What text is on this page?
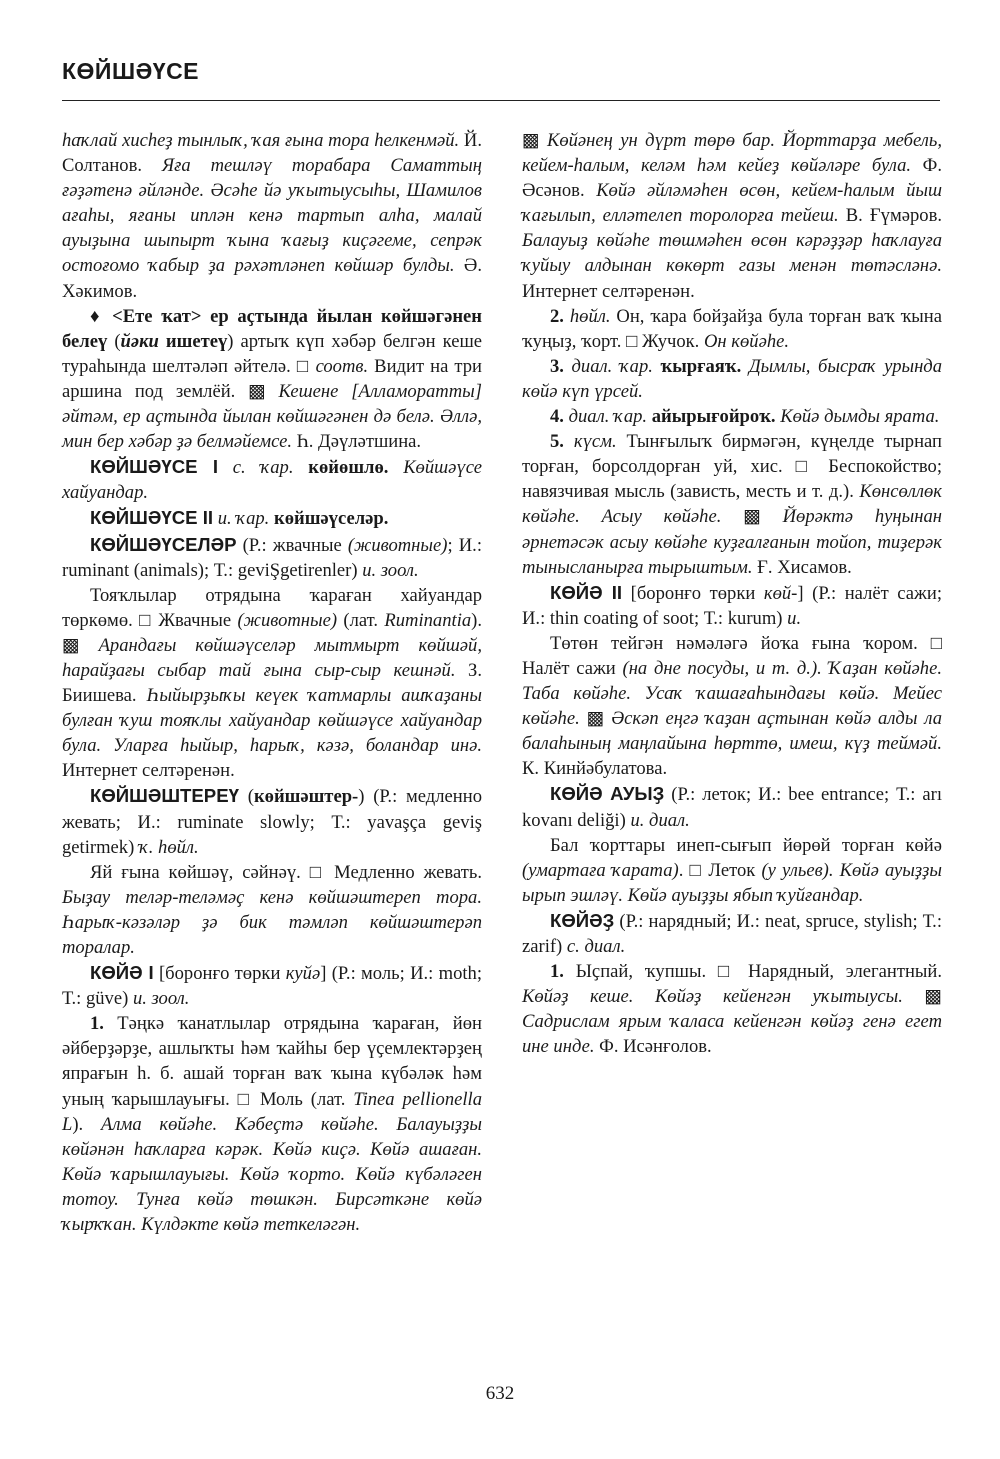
КӨЙШӘҮСЕ

һаҡлай хисһеҙ тынлыҡ, ҡая ғына тора һелкенмәй. Й. Солтанов. Яға тешләү торабара Саматтың ғәҙәтенә әйләнде. Әсәһе йә уҡытыусыһы, Шамилов ағаһы, яғаны иплән кенә тартып алһа, малай ауыҙына шыпырт ҡына ҡағыҙ киҫәгеме, сепрәк остоғомо ҡабыр ҙа рәхәтләнеп көйшәр булды. Ә. Хәкимов.

♦ <Ете ҡат> ер аҫтында йылан көйшәгәнен белеү (йәки ишетеү) артыҡ күп хәбәр белгән кеше тураһында шелтәләп әйтелә. □ соотв. Видит на три аршина под землёй. ▩ Кешене [Алламоратты] әйтәм, ер аҫтында йылан көйшәгәнен дә белә. Әллә, мин бер хәбәр ҙә белмәйемсе. Һ. Дәүләтшина.

КӨЙШӘҮСЕ I с. ҡар. көйөшлө. Көйшәүсе хайуандар.

КӨЙШӘҮСЕ II и. ҡар. көйшәүселәр.

КӨЙШӘҮСЕЛӘР (Р.: жвачные (животные); И.: ruminant (animals); Т.: geviŞgetirenler) и. зоол.

Тояҡлылар отрядына ҡараған хайуандар төркөмө. □ Жвачные (животные) (лат. Ruminantia). ▩ Арандағы көйшәүселәр мытмырт көйшәй, һарайҙағы сыбар тай ғына сыр-сыр кешнәй. З. Биишева. Һыйырҙыҡы кеүек ҡатмарлы ашҡаҙаны булған ҡуш тояҡлы хайуандар көйшәүсе хайуандар була. Уларға һыйыр, һарыҡ, кәзә, боландар инә. Интернет селтәренән.

КӨЙШӘШТЕРЕҮ (көйшәштер-) (Р.: медленно жевать; И.: ruminate slowly; Т.: yavaşça geviş getirmek) ҡ. һөйл.

Яй ғына көйшәү, сәйнәү. □ Медленно жевать. Быҙау теләр-теләмәҫ кенә көйшәштереп тора. Һарыҡ-кәзәләр ҙә бик тәмләп көйшәштерәп торалар.

КӨЙӘ I [боронғо төрки куйә] (Р.: моль; И.: moth; Т.: güve) и. зоол.

1. Тәңкә ҡанатлылар отрядына ҡараған, йөн әйберҙәрҙе, ашлыҡты һәм ҡайһы бер үҫемлектәрҙең япрағын һ. б. ашай торған ваҡ ҡына күбәләк һәм уның ҡарышлауығы. □ Моль (лат. Tinea pellionella L). Алма көйәһе. Кәбеҫтә көйәһе. Балауыҙҙы көйәнән һаҡларға кәрәк. Көйә киҫә. Көйә ашаған. Көйә ҡарышлауығы. Көйә ҡорто. Көйә күбәләген тотоу. Тунға көйә төшкән. Бирсәткәне көйә ҡырҡҡан. Күлдәкте көйә теткеләгән.

▩ Көйәнең ун дүрт төрө бар. Йорттарҙа мебель, кейем-һалым, келәм һәм кейеҙ көйәләре була. Ф. Әсәнов. Көйә әйләмәһен өсөн, кейем-һалым йыш ҡағылып, елләтелеп торолорға тейеш. В. Ғүмәров. Балауыҙ көйәһе төшмәһен өсөн кәрәҙҙәр һаҡлауға ҡуйыу алдынан көкөрт газы менән төтәсләнә. Интернет селтәренән.

2. һөйл. Он, ҡара бойҙайҙа була торған ваҡ ҡына ҡуңыҙ, ҡорт. □ Жучок. Он көйәһе.

3. диал. ҡар. ҡырғаяҡ. Дымлы, бысраҡ урында көйә күп үрсей.

4. диал. ҡар. айырығойроҡ. Көйә дымды ярата.

5. күсм. Тынғылыҡ бирмәгән, күңелде тырнап торған, борсолдорған уй, хис. □ Беспокойство; навязчивая мысль (зависть, месть и т. д.). Көнсөллөк көйәһе. Асыу көйәһе. ▩ Йөрәктә һуңынан әрнетәсәк асыу көйәһе куҙғалғанын тойоп, тиҙерәк тынысланырға тырыштым. Ғ. Хисамов.

КӨЙӘ II [боронғо төрки көй-] (Р.: налёт сажи; И.: thin coating of soot; Т.: kurum) и.

Төтөн тейгән нәмәләгә йоҡа ғына ҡором. □ Налёт сажи (на дне посуды, и т. д.). Ҡаҙан көйәһе. Таба көйәһе. Усаҡ ҡашағаһындағы көйә. Мейес көйәһе. ▩ Әскәп еңгә ҡаҙан аҫтынан көйә алды ла балаһының маңлайына һөрттө, имеш, күҙ теймәй. К. Кинйәбулатова.

КӨЙӘ АУЫҘ (Р.: леток; И.: bee entrance; Т.: arı kovanı deliği) и. диал.

Бал ҡорттары инеп-сығып йөрөй торған көйә (умартаға ҡарата). □ Леток (у ульев). Көйә ауыҙҙы ырып эшләү. Көйә ауыҙҙы ябып ҡуйғандар.

КӨЙӘҘ (Р.: нарядный; И.: neat, spruce, stylish; Т.: zarif) с. диал.

1. Ыҫпай, ҡупшы. □ Нарядный, элегантный. Көйәҙ кеше. Көйәҙ кейенгән уҡытыусы. ▩ Садрислам ярым ҡаласа кейенгән көйәҙ генә егет ине инде. Ф. Исәнғолов.

632
